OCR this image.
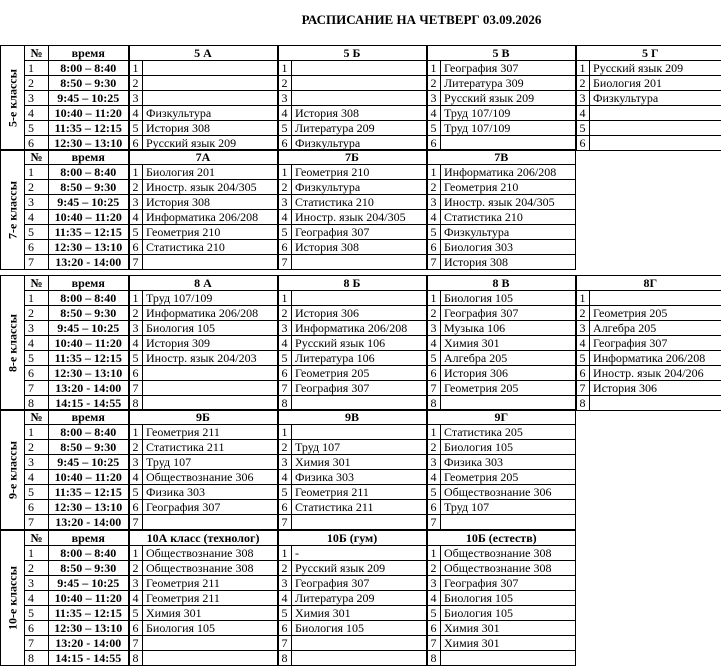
РАСПИСАНИЕ НА ЧЕТВЕРГ 03.09.2026
5-е классы	№	время	5 А		5 Б		5 В		5 Г	
	1	8:00 – 8:40	1		1		1	География 307	1	Русский язык 209
	2	8:50 – 9:30	2		2		2	Литература 309	2	Биология 201
	3	9:45 – 10:25	3		3		3	Русский язык 209	3	Физкультура
	4	10:40 – 11:20	4	Физкультура	4	История 308	4	Труд 107/109	4	
	5	11:35 – 12:15	5	История 308	5	Литература 209	5	Труд 107/109	5	
	6	12:30 – 13:10	6	Русский язык 209	6	Физкультура	6		6	
7-е классы	№	время	7А		7Б		7В	
	1	8:00 – 8:40	1	Биология 201	1	Геометрия 210	1	Информатика 206/208
	2	8:50 – 9:30	2	Иностр. язык 204/305	2	Физкультура	2	Геометрия 210
	3	9:45 – 10:25	3	История 308	3	Статистика 210	3	Иностр. язык 204/305
	4	10:40 – 11:20	4	Информатика 206/208	4	Иностр. язык 204/305	4	Статистика 210
	5	11:35 – 12:15	5	Геометрия 210	5	География 307	5	Физкультура
	6	12:30 – 13:10	6	Статистика 210	6	История 308	6	Биология 303
	7	13:20 - 14:00	7		7		7	История 308
8-е классы	№	время	8 А		8 Б		8 В		8Г	
	1	8:00 – 8:40	1	Труд 107/109	1		1	Биология 105	1	
	2	8:50 – 9:30	2	Информатика 206/208	2	История 306	2	География 307	2	Геометрия 205
	3	9:45 – 10:25	3	Биология 105	3	Информатика 206/208	3	Музыка 106	3	Алгебра 205
	4	10:40 – 11:20	4	История 309	4	Русский язык 106	4	Химия 301	4	География 307
	5	11:35 – 12:15	5	Иностр. язык 204/203	5	Литература 106	5	Алгебра 205	5	Информатика 206/208
	6	12:30 – 13:10	6		6	Геометрия 205	6	История 306	6	Иностр. язык 204/206
	7	13:20 - 14:00	7		7	География 307	7	Геометрия 205	7	История 306
	8	14:15 - 14:55	8		8		8		8	
9-е классы	№	время	9Б		9В		9Г	
	1	8:00 – 8:40	1	Геометрия 211	1		1	Статистика 205
	2	8:50 – 9:30	2	Статистика 211	2	Труд 107	2	Биология 105
	3	9:45 – 10:25	3	Труд 107	3	Химия 301	3	Физика 303
	4	10:40 – 11:20	4	Обществознание 306	4	Физика 303	4	Геометрия 205
	5	11:35 – 12:15	5	Физика 303	5	Геометрия 211	5	Обществознание 306
	6	12:30 – 13:10	6	География 307	6	Статистика 211	6	Труд 107
	7	13:20 - 14:00	7		7		7	
10-е классы	№	время	10А класс (технолог)		10Б (гум)		10Б (естеств)	
	1	8:00 – 8:40	1	Обществознание 308	1	-	1	Обществознание 308
	2	8:50 – 9:30	2	Обществознание 308	2	Русский язык 209	2	Обществознание 308
	3	9:45 – 10:25	3	Геометрия 211	3	География 307	3	География 307
	4	10:40 – 11:20	4	Геометрия 211	4	Литература 209	4	Биология 105
	5	11:35 – 12:15	5	Химия 301	5	Химия 301	5	Биология 105
	6	12:30 – 13:10	6	Биология 105	6	Биология 105	6	Химия 301
	7	13:20 - 14:00	7		7		7	Химия 301
	8	14:15 - 14:55	8		8		8	
